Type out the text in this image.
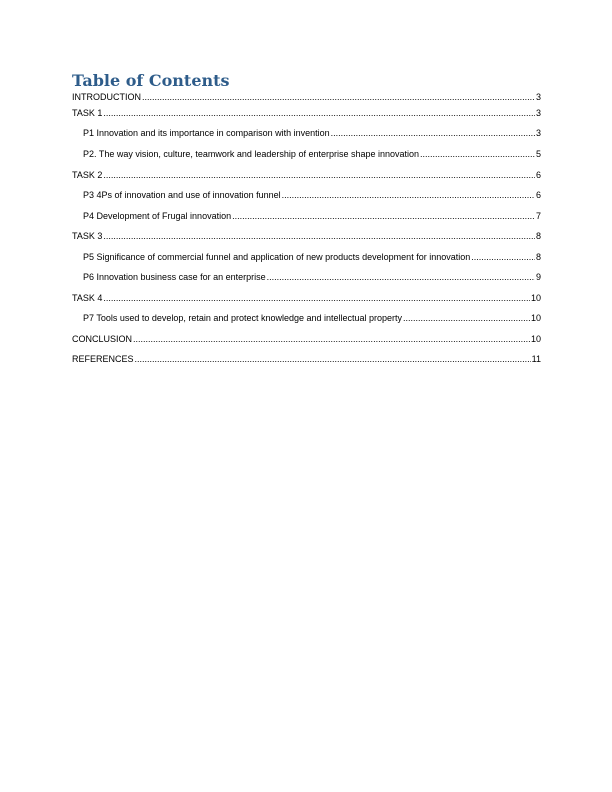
Table of Contents
INTRODUCTION .....	3
TASK 1 .....	3
P1 Innovation and its importance in comparison with invention .....	3
P2. The way vision, culture, teamwork and leadership of enterprise shape innovation .....	5
TASK 2 .....	6
P3 4Ps of innovation and use of innovation funnel .....	6
P4 Development of Frugal innovation .....	7
TASK 3 .....	8
P5 Significance of commercial funnel and application of new products development for innovation .....	8
P6 Innovation business case for an enterprise .....	9
TASK 4 .....	10
P7 Tools used to develop, retain and protect knowledge and intellectual property .....	10
CONCLUSION .....	10
REFERENCES .....	11
